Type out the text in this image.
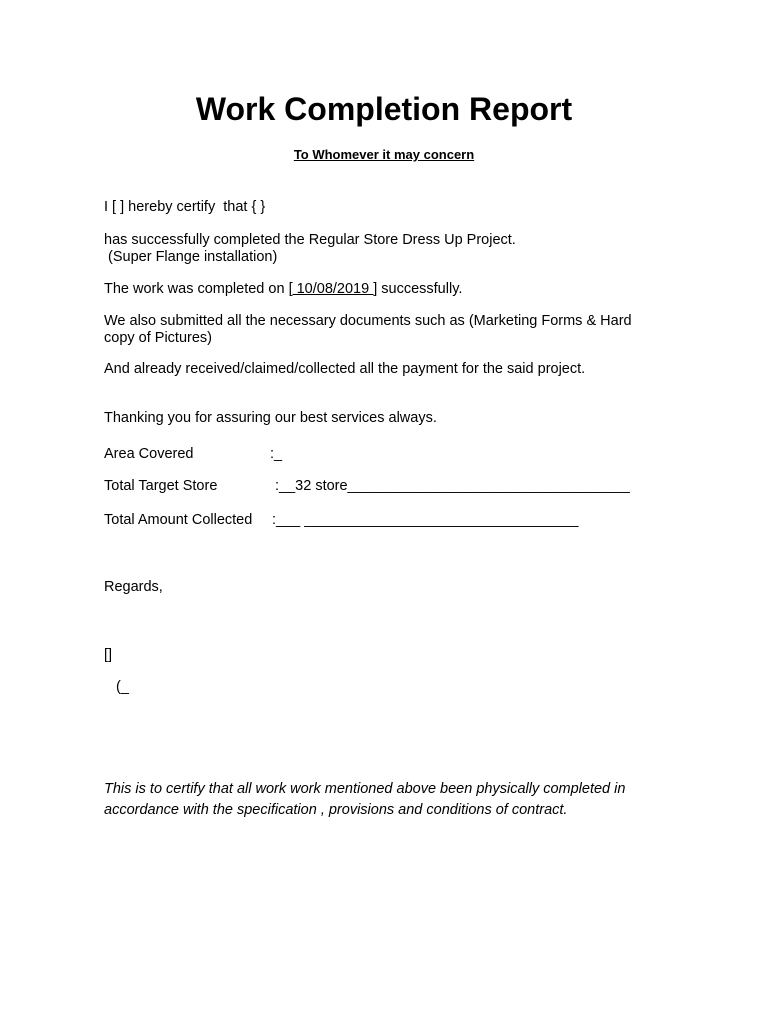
Work Completion Report
To Whomever it may concern
I [ ] hereby certify  that { }
has successfully completed the Regular Store Dress Up Project.
(Super Flange installation)
The work was completed on [ 10/08/2019 ] successfully.
We also submitted all the necessary documents such as (Marketing Forms & Hard
copy of Pictures)
And already received/claimed/collected all the payment for the said project.
Thanking you for assuring our best services always.
Area Covered	:_
Total Target Store	:__32 store___________________________________
Total Amount Collected :___ __________________________________
Regards,
[]
(_
This is to certify that all work work mentioned above been physically completed in
accordance with the specification , provisions and conditions of contract.
